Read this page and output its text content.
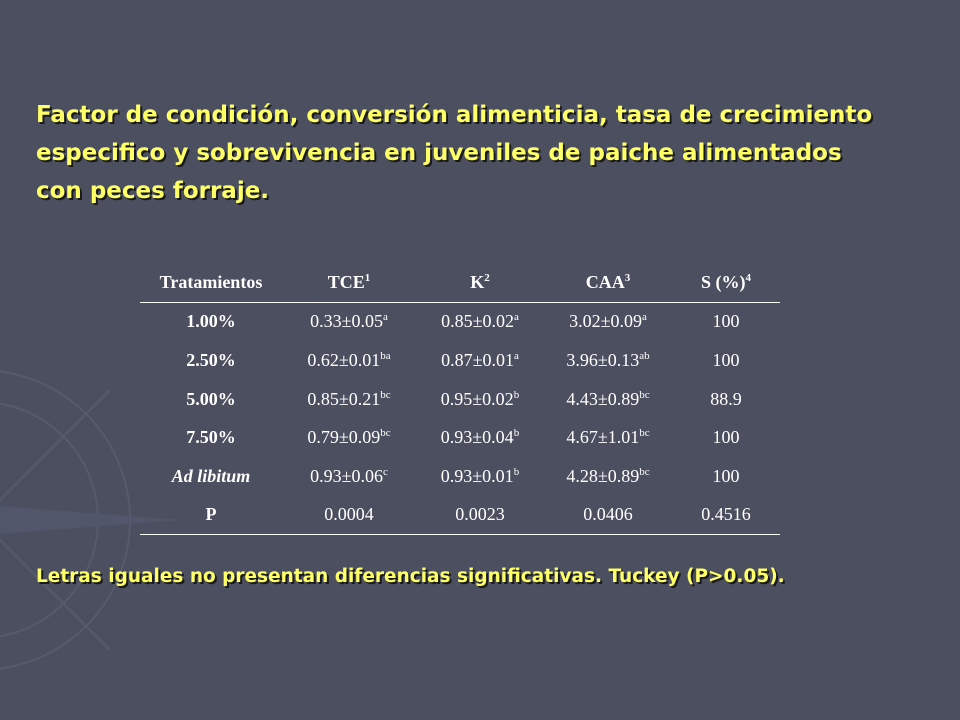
Factor de condición, conversión alimenticia, tasa de crecimiento
especifico y sobrevivencia en juveniles de paiche alimentados
con peces forraje.
Tratamientos	TCE$^1$	$K^2$	CAA$^3$	S (%)$^4$
1.00%	0.33±0.05$^a$	0.85±0.02$^a$	3.02±0.09$^a$	100
2.50%	0.62±0.01$^{ba}$	0.87±0.01$^a$	3.96±0.13$^{ab}$	100
5.00%	0.85±0.21$^{bc}$	0.95±0.02$^b$	4.43±0.89$^{bc}$	88.9
7.50%	0.79±0.09$^{bc}$	0.93±0.04$^b$	4.67±1.01$^{bc}$	100
Ad libitum	0.93±0.06$^c$	0.93±0.01$^b$	4.28±0.89$^{bc}$	100
P	0.0004	0.0023	0.0406	0.4516

Letras iguales no presentan diferencias significativas. Tuckey (P>0.05).
